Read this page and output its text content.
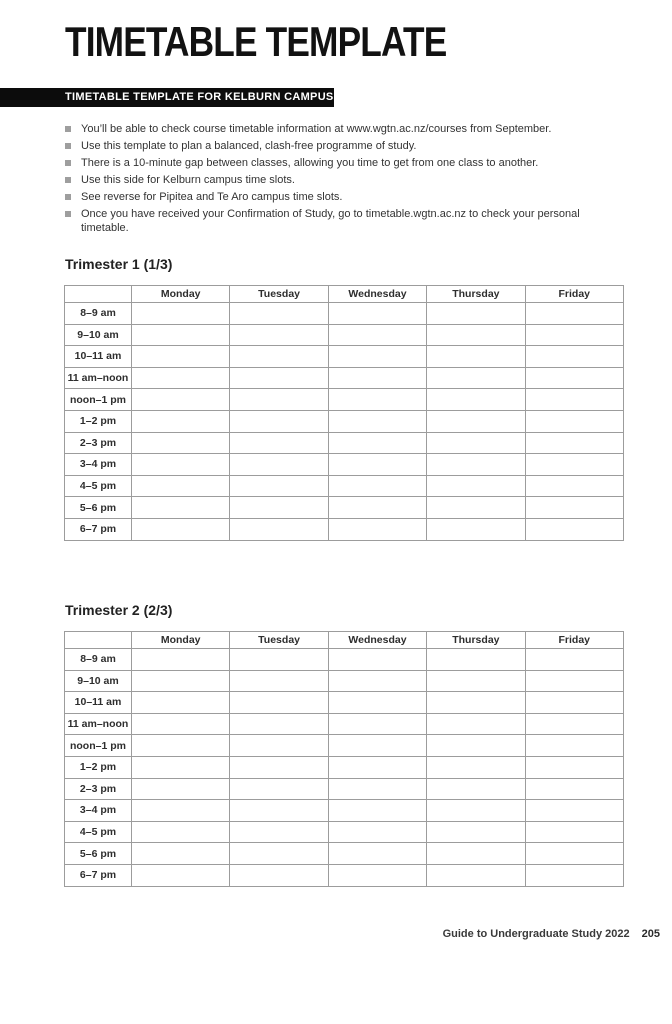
TIMETABLE TEMPLATE
TIMETABLE TEMPLATE FOR KELBURN CAMPUS
You’ll be able to check course timetable information at www.wgtn.ac.nz/courses from September.
Use this template to plan a balanced, clash-free programme of study.
There is a 10-minute gap between classes, allowing you time to get from one class to another.
Use this side for Kelburn campus time slots.
See reverse for Pipitea and Te Aro campus time slots.
Once you have received your Confirmation of Study, go to timetable.wgtn.ac.nz to check your personal timetable.
Trimester 1 (1/3)
	Monday	Tuesday	Wednesday	Thursday	Friday
8–9 am					
9–10 am					
10–11 am					
11 am–noon					
noon–1 pm					
1–2 pm					
2–3 pm					
3–4 pm					
4–5 pm					
5–6 pm					
6–7 pm					
Trimester 2 (2/3)
	Monday	Tuesday	Wednesday	Thursday	Friday
8–9 am					
9–10 am					
10–11 am					
11 am–noon					
noon–1 pm					
1–2 pm					
2–3 pm					
3–4 pm					
4–5 pm					
5–6 pm					
6–7 pm					
Guide to Undergraduate Study 2022 205
